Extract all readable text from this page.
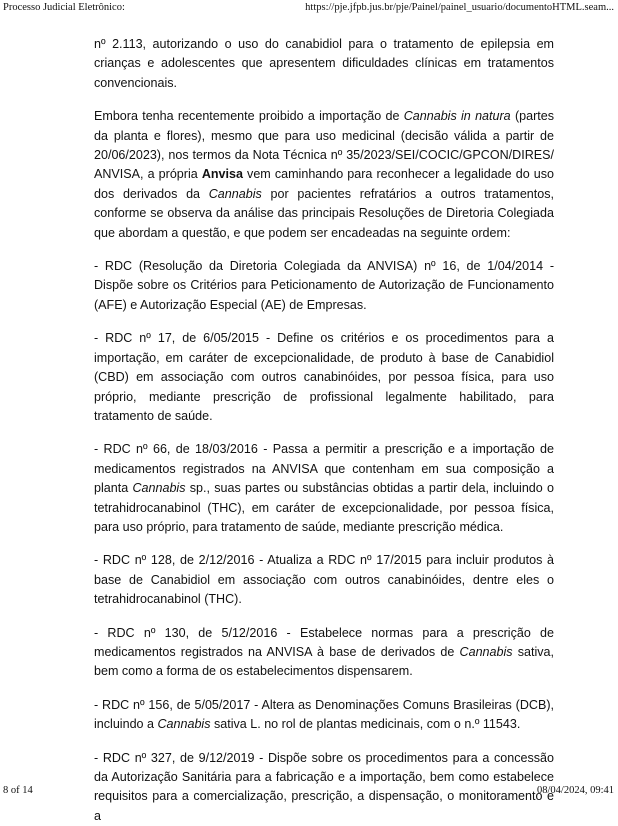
Processo Judicial Eletrônico:	https://pje.jfpb.jus.br/pje/Painel/painel_usuario/documentoHTML.seam...

nº 2.113, autorizando o uso do canabidiol para o tratamento de epilepsia em crianças e adolescentes que apresentem dificuldades clínicas em tratamentos convencionais.

Embora tenha recentemente proibido a importação de Cannabis in natura (partes da planta e flores), mesmo que para uso medicinal (decisão válida a partir de 20/06/2023), nos termos da Nota Técnica nº 35/2023/SEI/COCIC/GPCON/DIRES/ ANVISA, a própria Anvisa vem caminhando para reconhecer a legalidade do uso dos derivados da Cannabis por pacientes refratários a outros tratamentos, conforme se observa da análise das principais Resoluções de Diretoria Colegiada que abordam a questão, e que podem ser encadeadas na seguinte ordem:

- RDC (Resolução da Diretoria Colegiada da ANVISA) nº 16, de 1/04/2014 - Dispõe sobre os Critérios para Peticionamento de Autorização de Funcionamento (AFE) e Autorização Especial (AE) de Empresas.

- RDC nº 17, de 6/05/2015 - Define os critérios e os procedimentos para a importação, em caráter de excepcionalidade, de produto à base de Canabidiol (CBD) em associação com outros canabinóides, por pessoa física, para uso próprio, mediante prescrição de profissional legalmente habilitado, para tratamento de saúde.

- RDC nº 66, de 18/03/2016 - Passa a permitir a prescrição e a importação de medicamentos registrados na ANVISA que contenham em sua composição a planta Cannabis sp., suas partes ou substâncias obtidas a partir dela, incluindo o tetrahidrocanabinol (THC), em caráter de excepcionalidade, por pessoa física, para uso próprio, para tratamento de saúde, mediante prescrição médica.

- RDC nº 128, de 2/12/2016 - Atualiza a RDC nº 17/2015 para incluir produtos à base de Canabidiol em associação com outros canabinóides, dentre eles o tetrahidrocanabinol (THC).

- RDC nº 130, de 5/12/2016 - Estabelece normas para a prescrição de medicamentos registrados na ANVISA à base de derivados de Cannabis sativa, bem como a forma de os estabelecimentos dispensarem.

- RDC nº 156, de 5/05/2017 - Altera as Denominações Comuns Brasileiras (DCB), incluindo a Cannabis sativa L. no rol de plantas medicinais, com o n.º 11543.

- RDC nº 327, de 9/12/2019 - Dispõe sobre os procedimentos para a concessão da Autorização Sanitária para a fabricação e a importação, bem como estabelece requisitos para a comercialização, prescrição, a dispensação, o monitoramento e a

8 of 14	08/04/2024, 09:41
